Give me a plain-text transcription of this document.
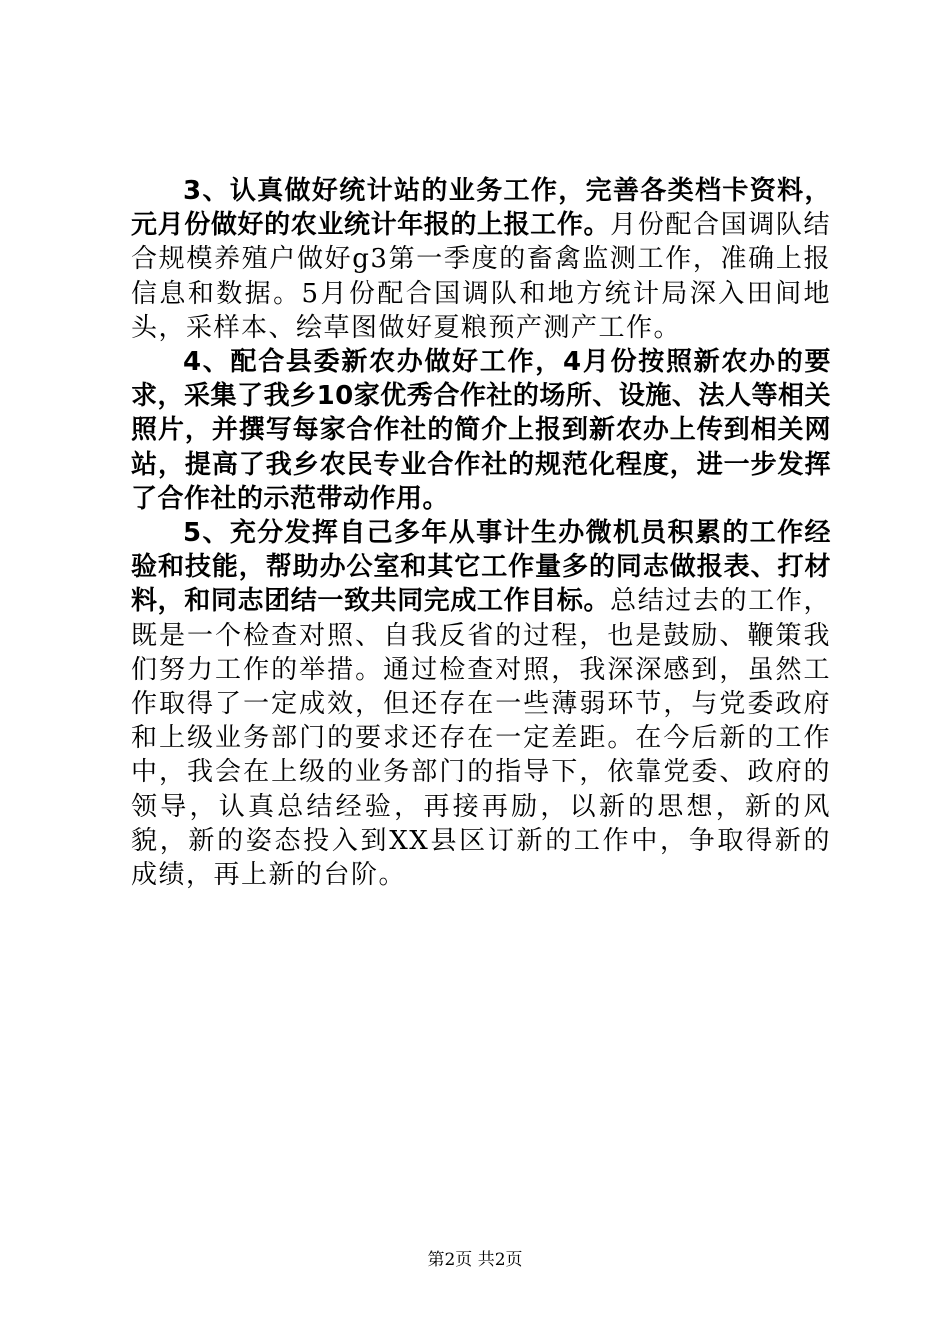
3、认真做好统计站的业务工作，完善各类档卡资料，元月份做好的农业统计年报的上报工作。月份配合国调队结合规模养殖户做好g3第一季度的畜禽监测工作，准确上报信息和数据。5月份配合国调队和地方统计局深入田间地头，采样本、绘草图做好夏粮预产测产工作。

4、配合县委新农办做好工作，4月份按照新农办的要求，采集了我乡10家优秀合作社的场所、设施、法人等相关照片，并撰写每家合作社的简介上报到新农办上传到相关网站，提高了我乡农民专业合作社的规范化程度，进一步发挥了合作社的示范带动作用。

5、充分发挥自己多年从事计生办微机员积累的工作经验和技能，帮助办公室和其它工作量多的同志做报表、打材料，和同志团结一致共同完成工作目标。总结过去的工作，既是一个检查对照、自我反省的过程，也是鼓励、鞭策我们努力工作的举措。通过检查对照，我深深感到，虽然工作取得了一定成效，但还存在一些薄弱环节，与党委政府和上级业务部门的要求还存在一定差距。在今后新的工作中，我会在上级的业务部门的指导下，依靠党委、政府的领导，认真总结经验，再接再励，以新的思想，新的风貌，新的姿态投入到XX县区订新的工作中，争取得新的成绩，再上新的台阶。

第2页 共2页
